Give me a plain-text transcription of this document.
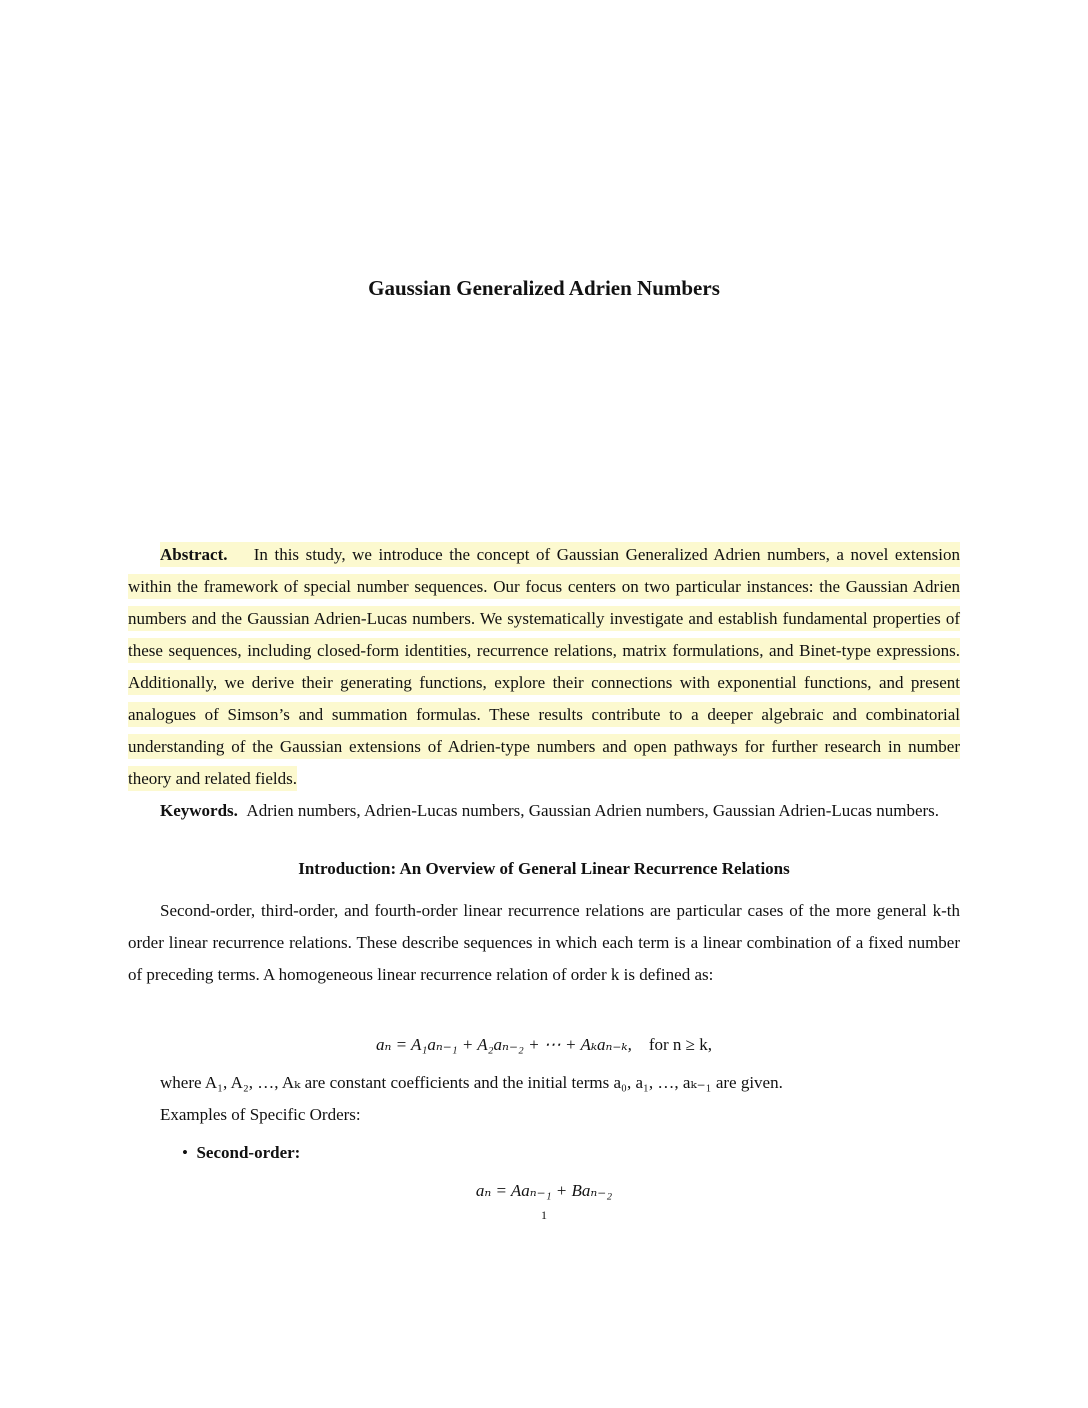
Gaussian Generalized Adrien Numbers

Abstract. In this study, we introduce the concept of Gaussian Generalized Adrien numbers, a novel extension within the framework of special number sequences. Our focus centers on two particular instances: the Gaussian Adrien numbers and the Gaussian Adrien-Lucas numbers. We systematically investigate and establish fundamental properties of these sequences, including closed-form identities, recurrence relations, matrix formulations, and Binet-type expressions. Additionally, we derive their generating functions, explore their connections with exponential functions, and present analogues of Simson’s and summation formulas. These results contribute to a deeper algebraic and combinatorial understanding of the Gaussian extensions of Adrien-type numbers and open pathways for further research in number theory and related fields.

Keywords. Adrien numbers, Adrien-Lucas numbers, Gaussian Adrien numbers, Gaussian Adrien-Lucas numbers.

Introduction: An Overview of General Linear Recurrence Relations

Second-order, third-order, and fourth-order linear recurrence relations are particular cases of the more general k-th order linear recurrence relations. These describe sequences in which each term is a linear combination of a fixed number of preceding terms. A homogeneous linear recurrence relation of order k is defined as:

aₙ = A₁aₙ₋₁ + A₂aₙ₋₂ + ⋯ + Aₖaₙ₋ₖ, for n ≥ k,
where A₁, A₂, …, Aₖ are constant coefficients and the initial terms a₀, a₁, …, aₖ₋₁ are given.
Examples of Specific Orders:
• Second-order:
aₙ = Aaₙ₋₁ + Baₙ₋₂
1
